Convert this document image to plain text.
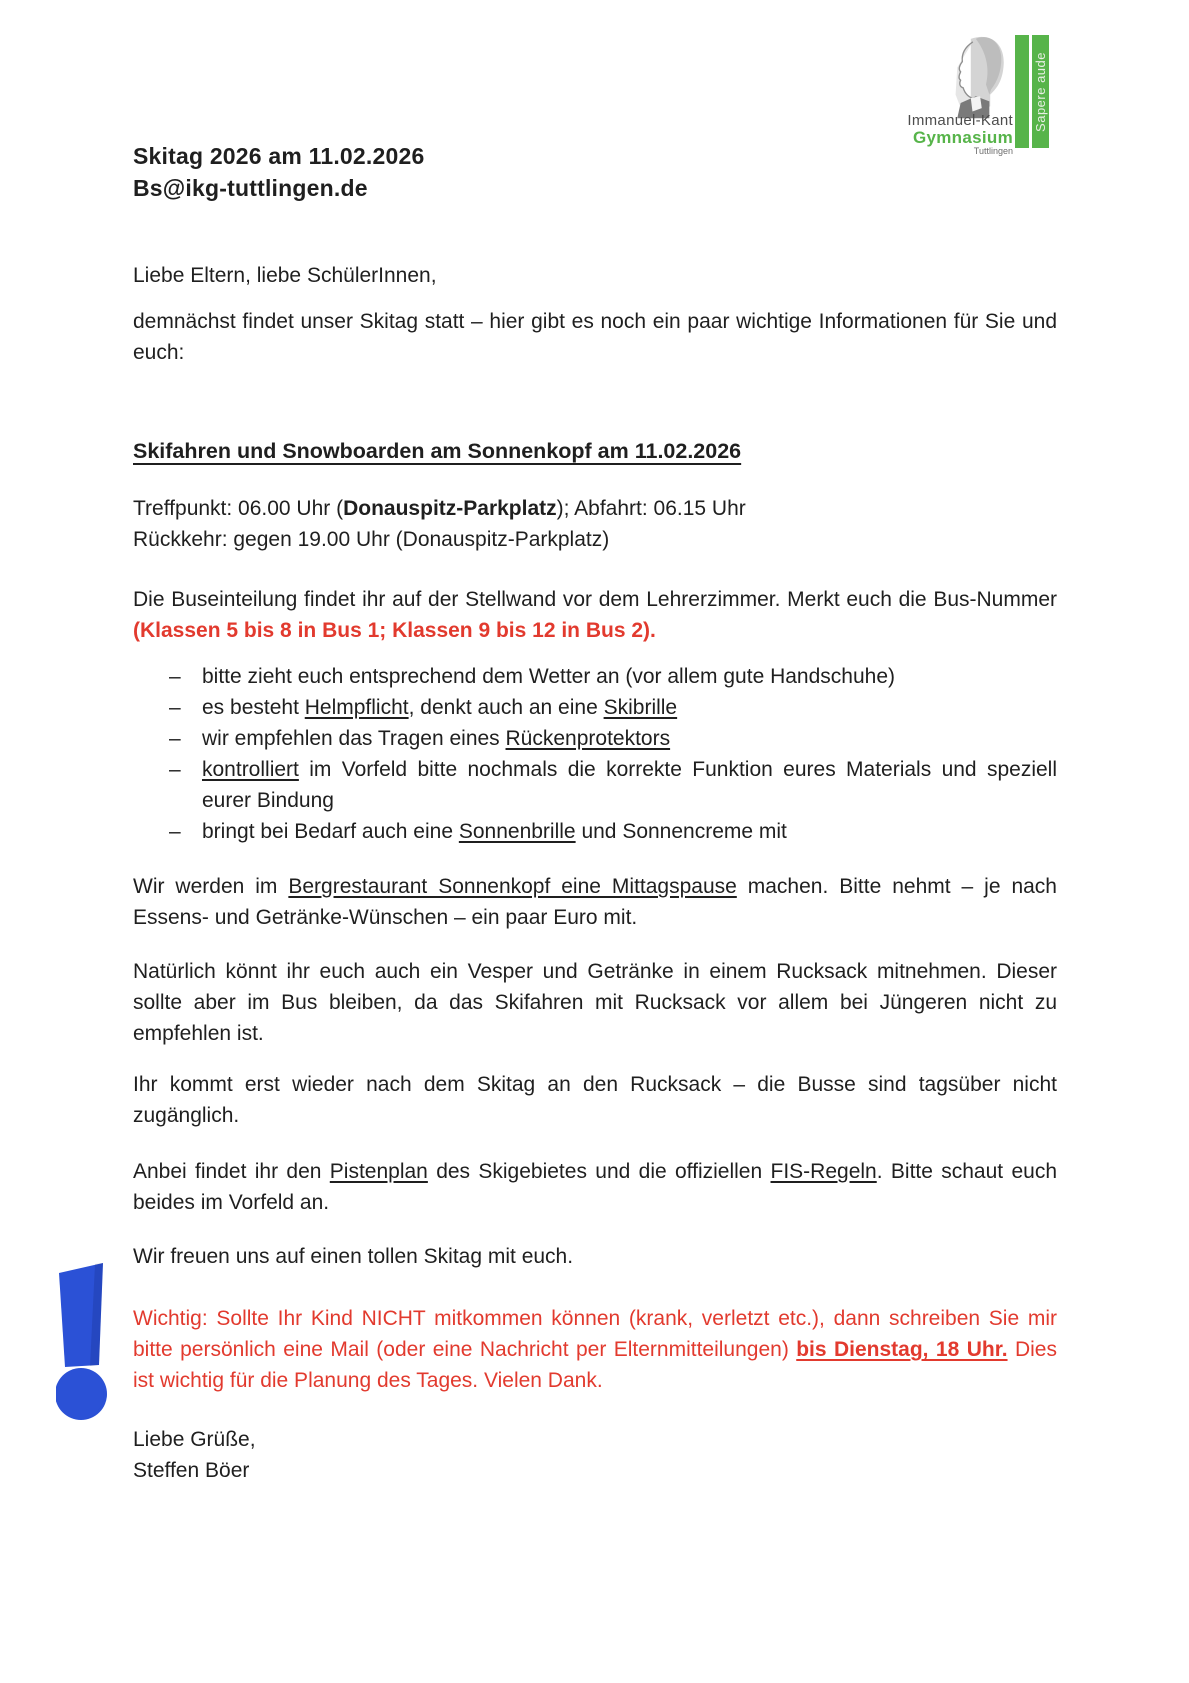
Immanuel-Kant
Gymnasium
Tuttlingen
Sapere aude
Skitag 2026 am 11.02.2026
Bs@ikg-tuttlingen.de

Liebe Eltern, liebe SchülerInnen,

demnächst findet unser Skitag statt – hier gibt es noch ein paar wichtige Informationen für Sie und euch:

Skifahren und Snowboarden am Sonnenkopf am 11.02.2026
Treffpunkt: 06.00 Uhr (Donauspitz-Parkplatz); Abfahrt: 06.15 Uhr
Rückkehr: gegen 19.00 Uhr (Donauspitz-Parkplatz)

Die Buseinteilung findet ihr auf der Stellwand vor dem Lehrerzimmer. Merkt euch die Bus-Nummer (Klassen 5 bis 8 in Bus 1; Klassen 9 bis 12 in Bus 2).

–	bitte zieht euch entsprechend dem Wetter an (vor allem gute Handschuhe)
–	es besteht Helmpflicht, denkt auch an eine Skibrille
–	wir empfehlen das Tragen eines Rückenprotektors
–	kontrolliert im Vorfeld bitte nochmals die korrekte Funktion eures Materials und speziell eurer Bindung
–	bringt bei Bedarf auch eine Sonnenbrille und Sonnencreme mit

Wir werden im Bergrestaurant Sonnenkopf eine Mittagspause machen. Bitte nehmt – je nach Essens- und Getränke-Wünschen – ein paar Euro mit.

Natürlich könnt ihr euch auch ein Vesper und Getränke in einem Rucksack mitnehmen. Dieser sollte aber im Bus bleiben, da das Skifahren mit Rucksack vor allem bei Jüngeren nicht zu empfehlen ist.

Ihr kommt erst wieder nach dem Skitag an den Rucksack – die Busse sind tagsüber nicht zugänglich.

Anbei findet ihr den Pistenplan des Skigebietes und die offiziellen FIS-Regeln. Bitte schaut euch beides im Vorfeld an.

Wir freuen uns auf einen tollen Skitag mit euch.

Wichtig: Sollte Ihr Kind NICHT mitkommen können (krank, verletzt etc.), dann schreiben Sie mir bitte persönlich eine Mail (oder eine Nachricht per Elternmitteilungen) bis Dienstag, 18 Uhr. Dies ist wichtig für die Planung des Tages. Vielen Dank.

Liebe Grüße,
Steffen Böer
